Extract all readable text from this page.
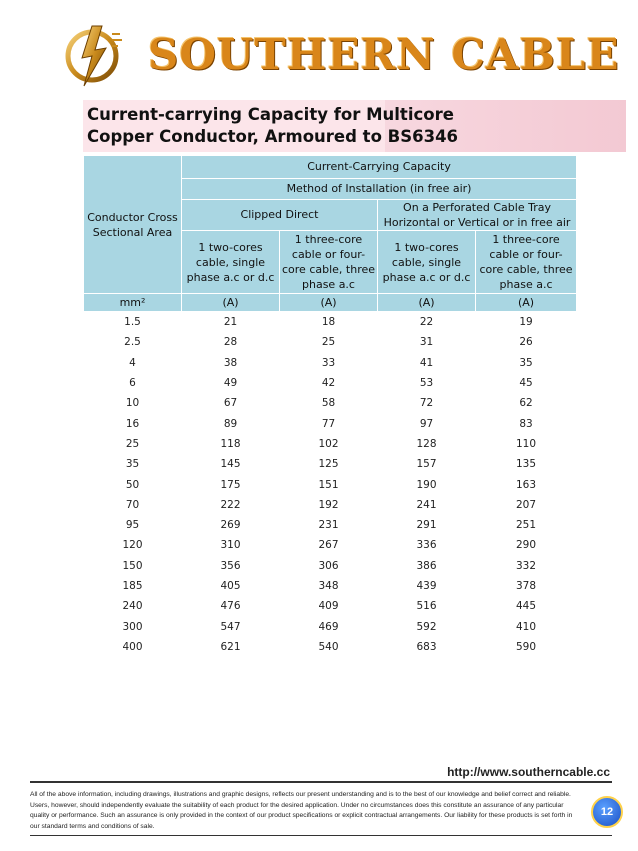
SOUTHERN CABLE
Current-carrying Capacity for Multicore
Copper Conductor, Armoured to BS6346
Conductor Cross Sectional Area	Current-Carrying Capacity			
	Method of Installation (in free air)			
	Clipped Direct		On a Perforated Cable Tray Horizontal or Vertical or in free air	
	1 two-cores cable, single phase a.c or d.c	1 three-core cable or four-core cable, three phase a.c	1 two-cores cable, single phase a.c or d.c	1 three-core cable or four-core cable, three phase a.c
mm²	(A)	(A)	(A)	(A)
1.5	21	18	22	19
2.5	28	25	31	26
4	38	33	41	35
6	49	42	53	45
10	67	58	72	62
16	89	77	97	83
25	118	102	128	110
35	145	125	157	135
50	175	151	190	163
70	222	192	241	207
95	269	231	291	251
120	310	267	336	290
150	356	306	386	332
185	405	348	439	378
240	476	409	516	445
300	547	469	592	410
400	621	540	683	590
http://www.southerncable.cc
All of the above information, including drawings, illustrations and graphic designs, reflects our present understanding and is to the best of our knowledge and belief correct and reliable. Users, however, should independently evaluate the suitability of each product for the desired application. Under no circumstances does this constitute an assurance of any particular quality or performance. Such an assurance is only provided in the context of our product specifications or explicit contractual arrangements. Our liability for these products is set forth in our standard terms and conditions of sale.
12
